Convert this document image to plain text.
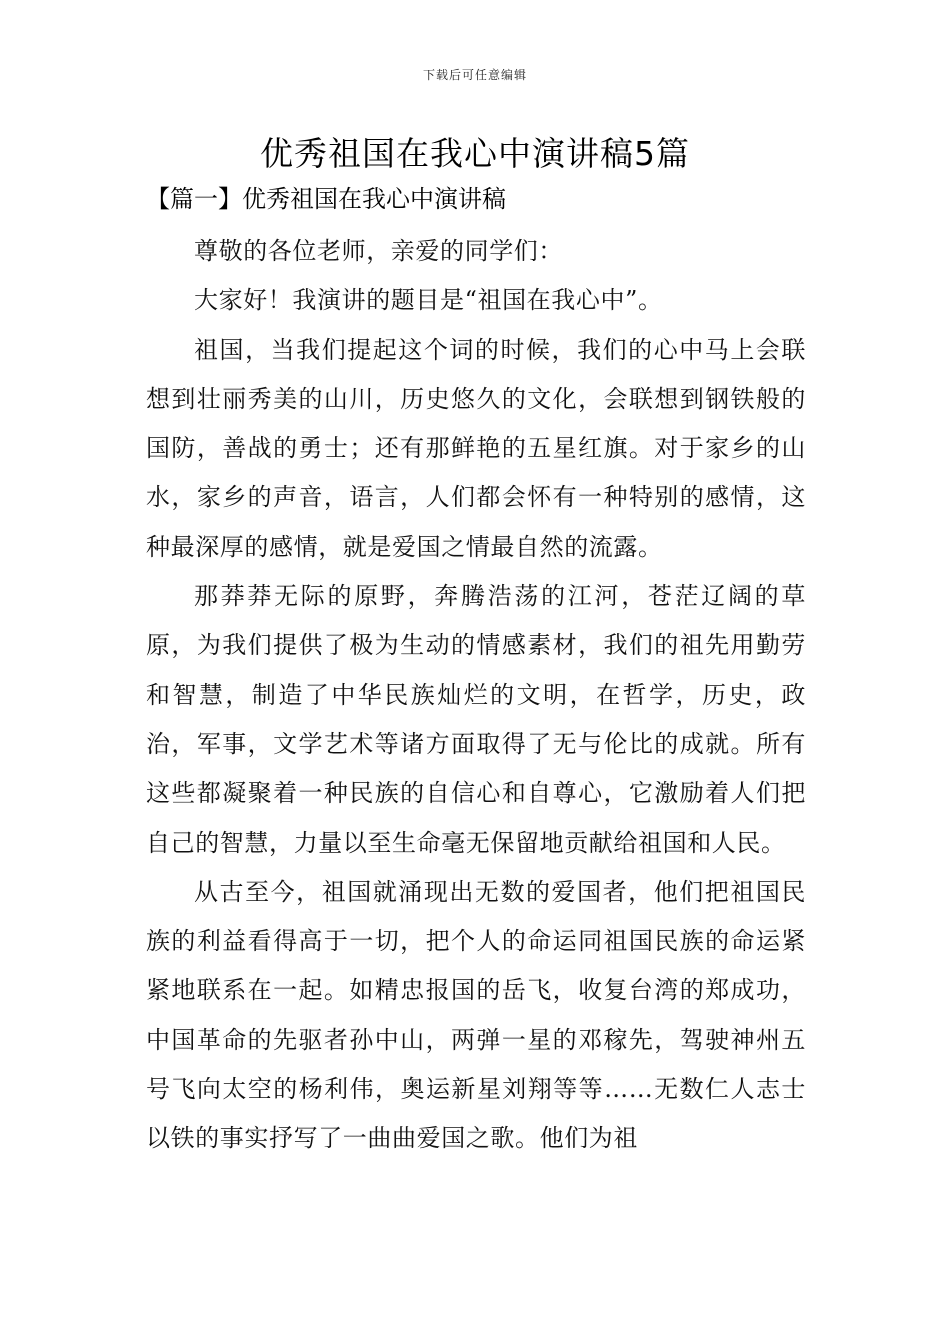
下载后可任意编辑
优秀祖国在我心中演讲稿5篇
【篇一】优秀祖国在我心中演讲稿

尊敬的各位老师，亲爱的同学们：

大家好！我演讲的题目是“祖国在我心中”。

祖国，当我们提起这个词的时候，我们的心中马上会联想到壮丽秀美的山川，历史悠久的文化，会联想到钢铁般的国防，善战的勇士；还有那鲜艳的五星红旗。对于家乡的山水，家乡的声音，语言，人们都会怀有一种特别的感情，这种最深厚的感情，就是爱国之情最自然的流露。

那莽莽无际的原野，奔腾浩荡的江河，苍茫辽阔的草原，为我们提供了极为生动的情感素材，我们的祖先用勤劳和智慧，制造了中华民族灿烂的文明，在哲学，历史，政治，军事，文学艺术等诸方面取得了无与伦比的成就。所有这些都凝聚着一种民族的自信心和自尊心，它激励着人们把自己的智慧，力量以至生命毫无保留地贡献给祖国和人民。

从古至今，祖国就涌现出无数的爱国者，他们把祖国民族的利益看得高于一切，把个人的命运同祖国民族的命运紧紧地联系在一起。如精忠报国的岳飞，收复台湾的郑成功，中国革命的先驱者孙中山，两弹一星的邓稼先，驾驶神州五号飞向太空的杨利伟，奥运新星刘翔等等……无数仁人志士以铁的事实抒写了一曲曲爱国之歌。他们为祖
